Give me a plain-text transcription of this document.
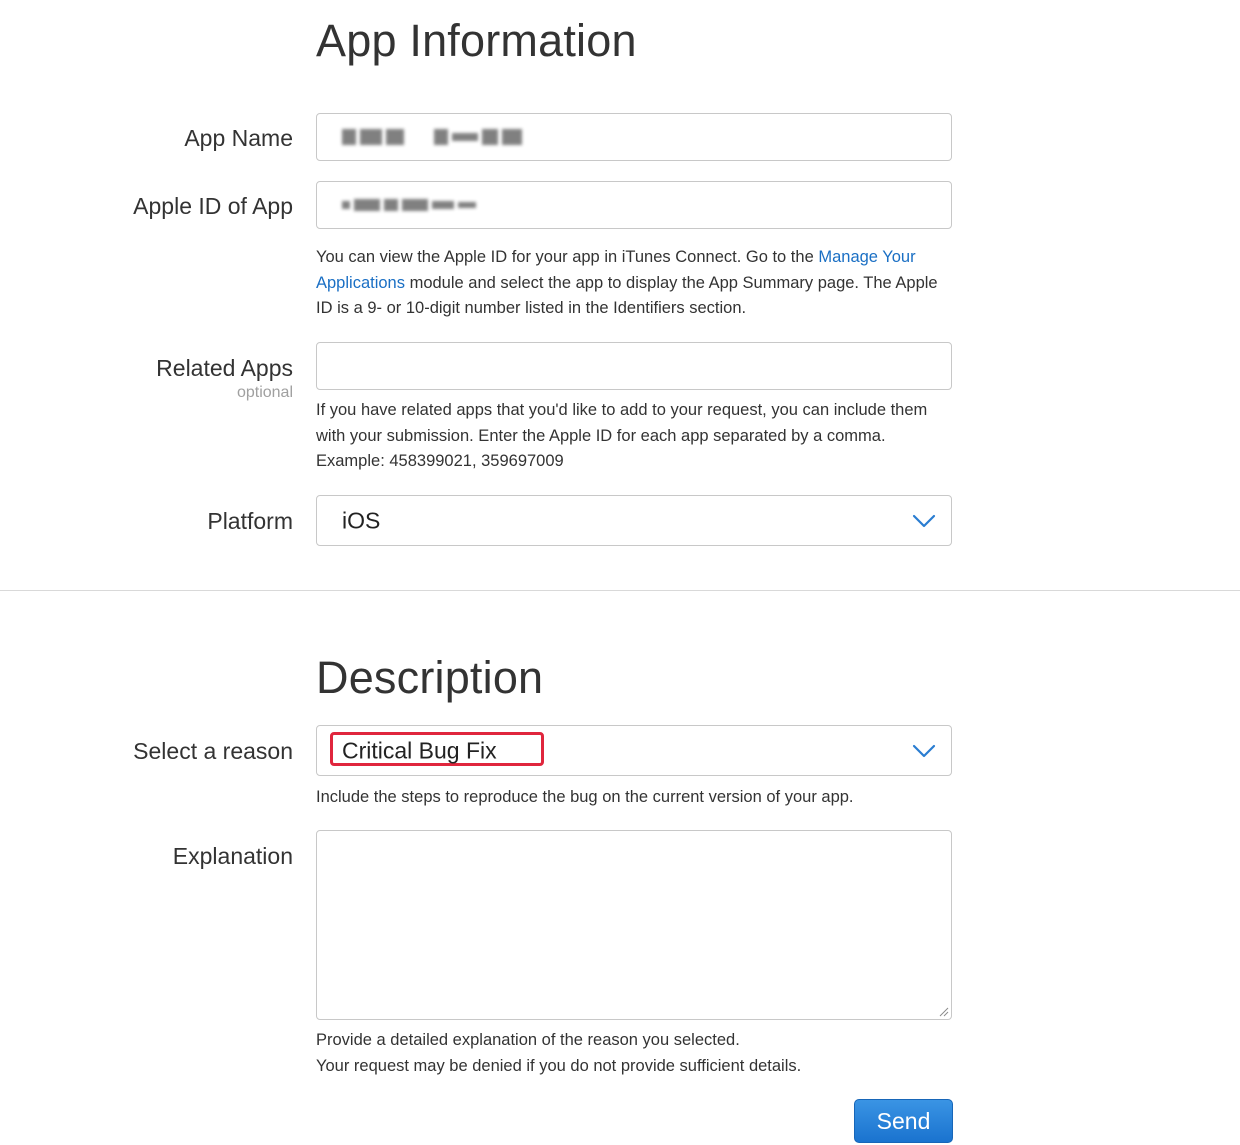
App Information
App Name
Apple ID of App
You can view the Apple ID for your app in iTunes Connect. Go to the Manage Your Applications module and select the app to display the App Summary page. The Apple ID is a 9- or 10-digit number listed in the Identifiers section.
Related Apps
optional
If you have related apps that you'd like to add to your request, you can include them with your submission. Enter the Apple ID for each app separated by a comma. Example: 458399021, 359697009
Platform iOS
Description
Select a reason Critical Bug Fix
Include the steps to reproduce the bug on the current version of your app.
Explanation
Provide a detailed explanation of the reason you selected.
Your request may be denied if you do not provide sufficient details.
Send
